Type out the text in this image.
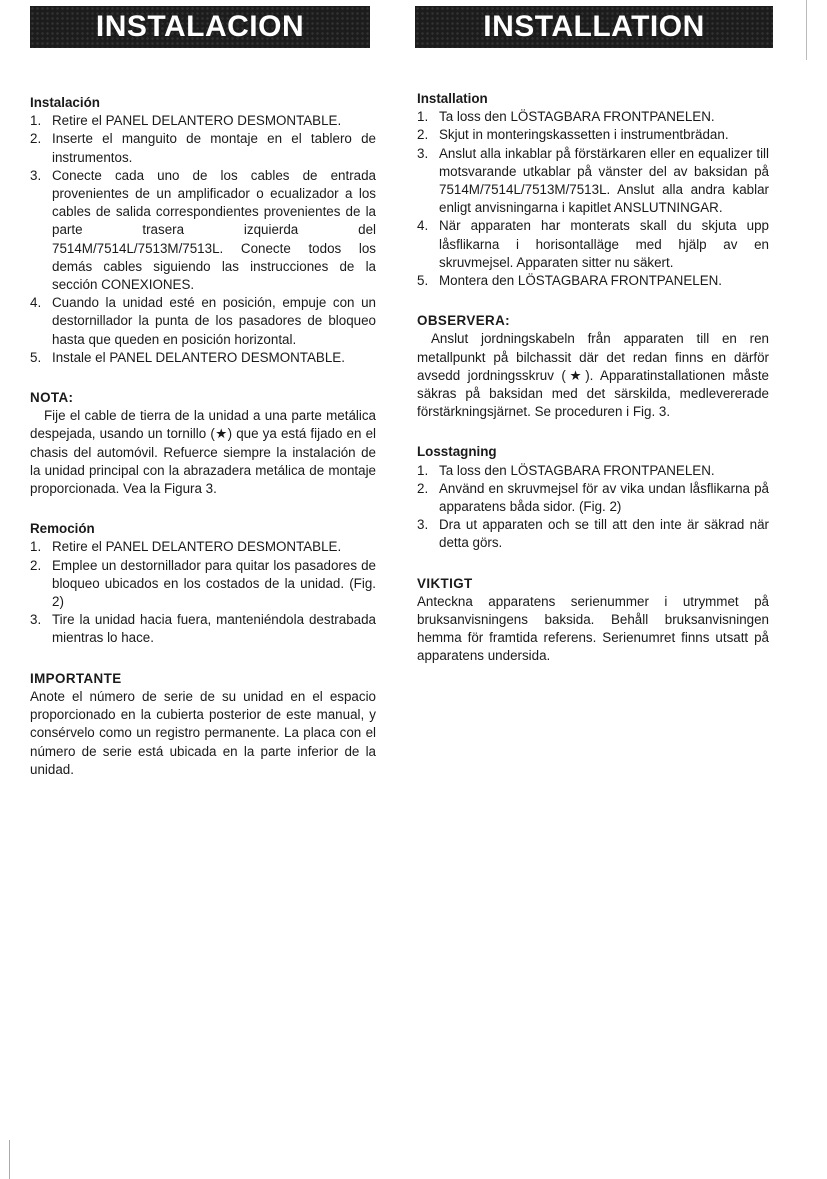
INSTALACION	INSTALLATION

Instalación

1. Retire el PANEL DELANTERO DESMONTABLE.
2. Inserte el manguito de montaje en el tablero de instrumentos.
3. Conecte cada uno de los cables de entrada provenientes de un amplificador o ecualizador a los cables de salida correspondientes provenientes de la parte trasera izquierda del 7514M/7514L/7513M/7513L. Conecte todos los demás cables siguiendo las instrucciones de la sección CONEXIONES.
4. Cuando la unidad esté en posición, empuje con un destornillador la punta de los pasadores de bloqueo hasta que queden en posición horizontal.
5. Instale el PANEL DELANTERO DESMONTABLE.

NOTA:

Fije el cable de tierra de la unidad a una parte metálica despejada, usando un tornillo (★) que ya está fijado en el chasis del automóvil. Refuerce siempre la instalación de la unidad principal con la abrazadera metálica de montaje proporcionada. Vea la Figura 3.

Remoción

1. Retire el PANEL DELANTERO DESMONTABLE.
2. Emplee un destornillador para quitar los pasadores de bloqueo ubicados en los costados de la unidad. (Fig. 2)
3. Tire la unidad hacia fuera, manteniéndola destrabada mientras lo hace.

IMPORTANTE

Anote el número de serie de su unidad en el espacio proporcionado en la cubierta posterior de este manual, y consérvelo como un registro permanente. La placa con el número de serie está ubicada en la parte inferior de la unidad.

Installation

1. Ta loss den LÖSTAGBARA FRONTPANELEN.
2. Skjut in monteringskassetten i instrumentbrädan.
3. Anslut alla inkablar på förstärkaren eller en equalizer till motsvarande utkablar på vänster del av baksidan på 7514M/7514L/7513M/7513L. Anslut alla andra kablar enligt anvisningarna i kapitlet ANSLUTNINGAR.
4. När apparaten har monterats skall du skjuta upp låsflikarna i horisontalläge med hjälp av en skruvmejsel. Apparaten sitter nu säkert.
5. Montera den LÖSTAGBARA FRONTPANELEN.

OBSERVERA:

Anslut jordningskabeln från apparaten till en ren metallpunkt på bilchassit där det redan finns en därför avsedd jordningsskruv (★). Apparatinstallationen måste säkras på baksidan med det särskilda, medlevererade förstärkningsjärnet. Se proceduren i Fig. 3.

Losstagning

1. Ta loss den LÖSTAGBARA FRONTPANELEN.
2. Använd en skruvmejsel för av vika undan låsflikarna på apparatens båda sidor. (Fig. 2)
3. Dra ut apparaten och se till att den inte är säkrad när detta görs.

VIKTIGT

Anteckna apparatens serienummer i utrymmet på bruksanvisningens baksida. Behåll bruksanvisningen hemma för framtida referens. Serienumret finns utsatt på apparatens undersida.
